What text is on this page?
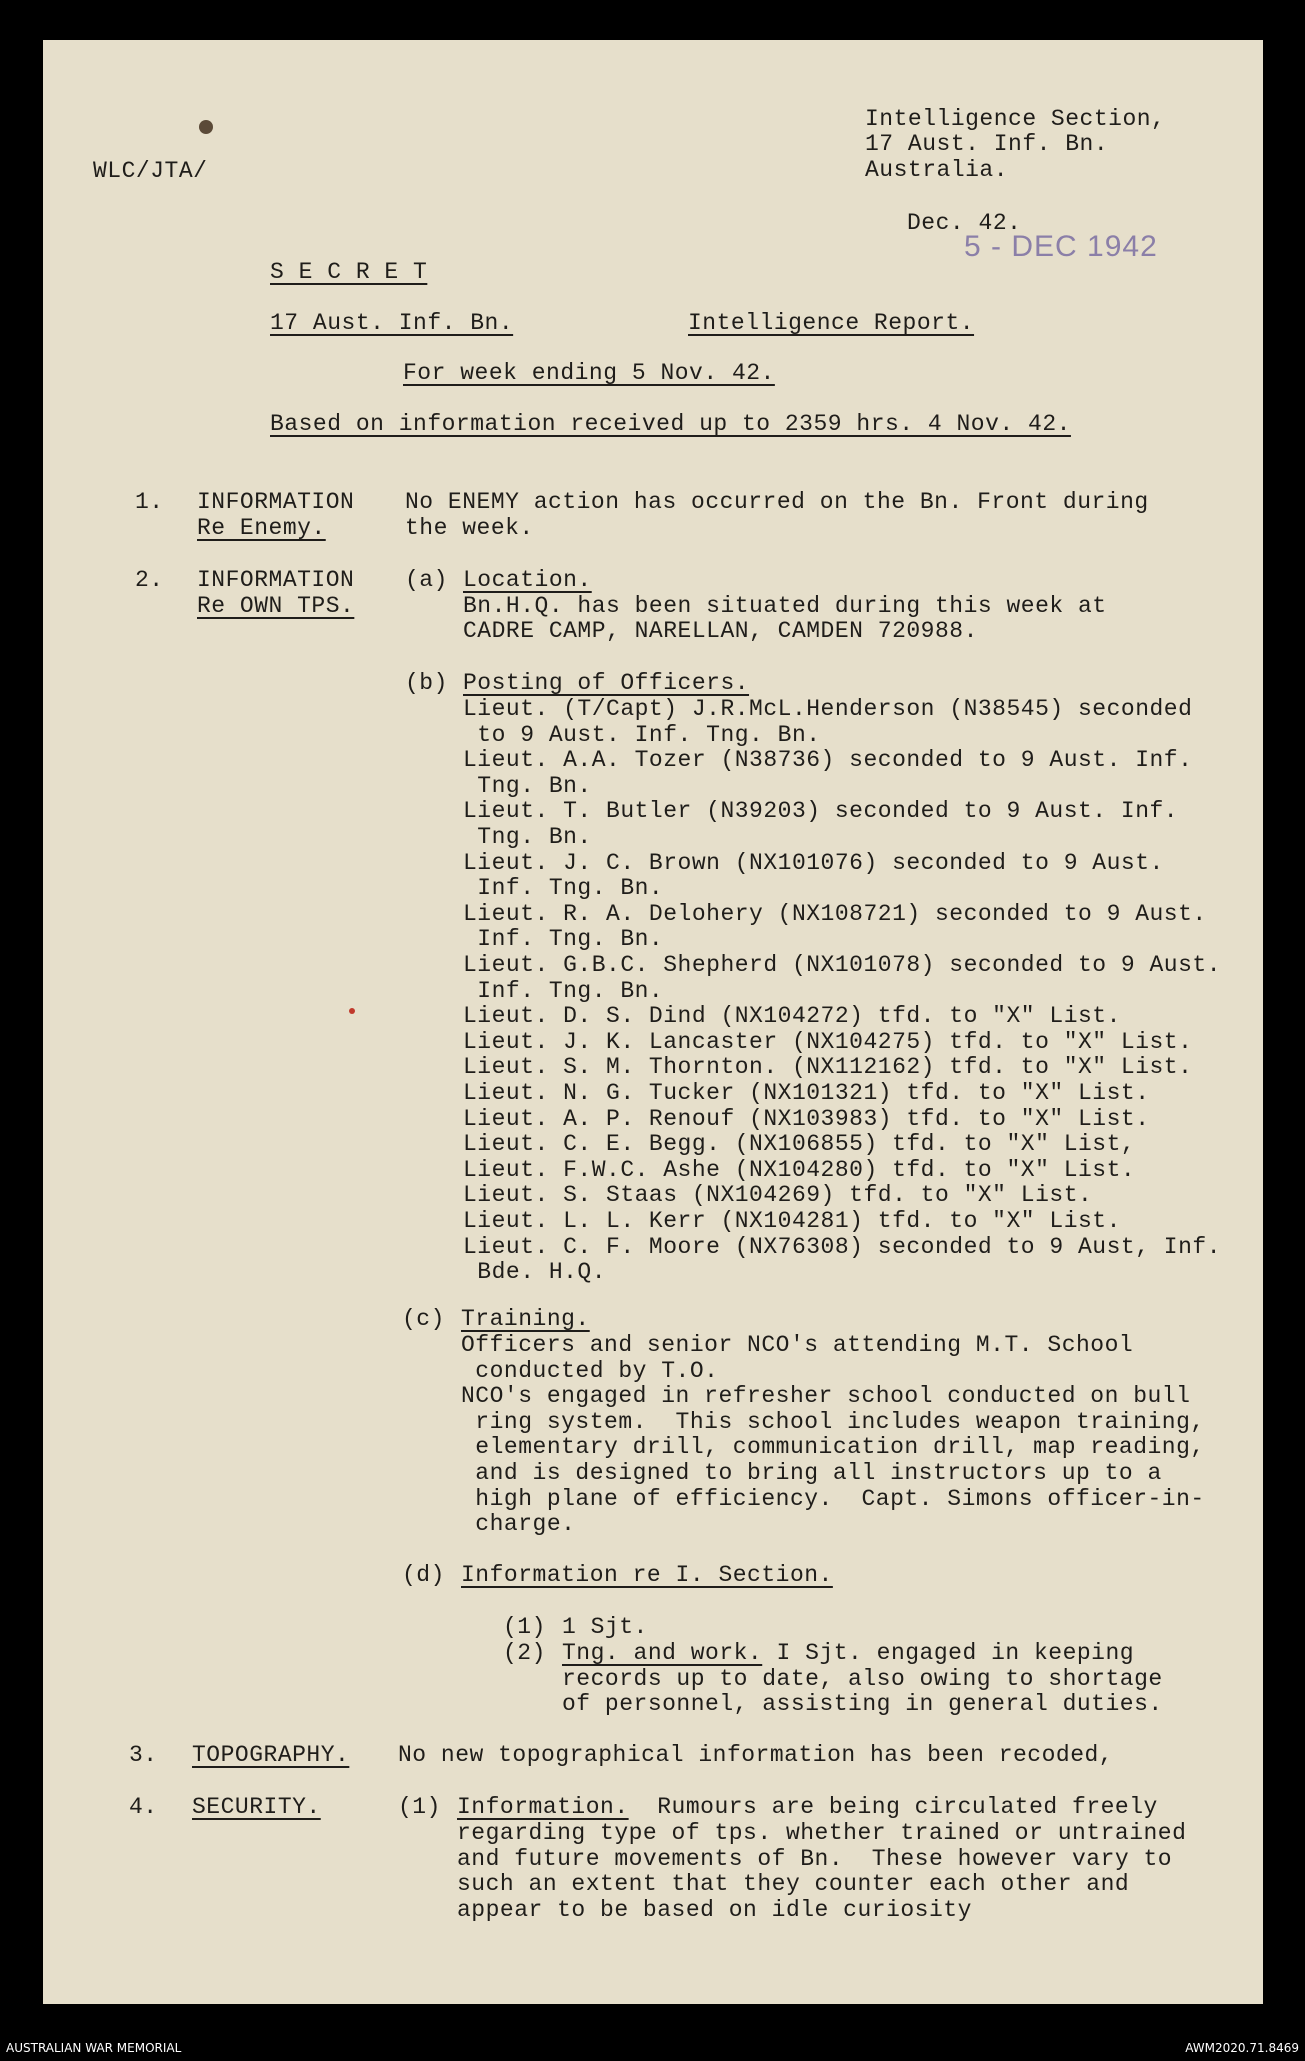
WLC/JTA/
Intelligence Section,
17 Aust. Inf. Bn.
Australia.
Dec. 42.
5 - DEC 1942
S E C R E T
17 Aust. Inf. Bn.	Intelligence Report.
For week ending 5 Nov. 42.
Based on information received up to 2359 hrs. 4 Nov. 42.
1. INFORMATION
Re Enemy.
No ENEMY action has occurred on the Bn. Front during
the week.
2. INFORMATION
Re OWN TPS.
(a) Location.
Bn.H.Q. has been situated during this week at
CADRE CAMP, NARELLAN, CAMDEN 720988.
(b) Posting of Officers.
Lieut. (T/Capt) J.R.McL.Henderson (N38545) seconded
to 9 Aust. Inf. Tng. Bn.
Lieut. A.A. Tozer (N38736) seconded to 9 Aust. Inf.
Tng. Bn.
Lieut. T. Butler (N39203) seconded to 9 Aust. Inf.
Tng. Bn.
Lieut. J. C. Brown (NX101076) seconded to 9 Aust.
Inf. Tng. Bn.
Lieut. R. A. Delohery (NX108721) seconded to 9 Aust.
Inf. Tng. Bn.
Lieut. G.B.C. Shepherd (NX101078) seconded to 9 Aust.
Inf. Tng. Bn.
Lieut. D. S. Dind (NX104272) tfd. to "X" List.
Lieut. J. K. Lancaster (NX104275) tfd. to "X" List.
Lieut. S. M. Thornton. (NX112162) tfd. to "X" List.
Lieut. N. G. Tucker (NX101321) tfd. to "X" List.
Lieut. A. P. Renouf (NX103983) tfd. to "X" List.
Lieut. C. E. Begg. (NX106855) tfd. to "X" List,
Lieut. F.W.C. Ashe (NX104280) tfd. to "X" List.
Lieut. S. Staas (NX104269) tfd. to "X" List.
Lieut. L. L. Kerr (NX104281) tfd. to "X" List.
Lieut. C. F. Moore (NX76308) seconded to 9 Aust, Inf.
Bde. H.Q.
(c) Training.
Officers and senior NCO's attending M.T. School
conducted by T.O.
NCO's engaged in refresher school conducted on bull
ring system.  This school includes weapon training,
elementary drill, communication drill, map reading,
and is designed to bring all instructors up to a
high plane of efficiency.  Capt. Simons officer-in-
charge.
(d) Information re I. Section.
(1) 1 Sjt.
(2) Tng. and work. I Sjt. engaged in keeping
records up to date, also owing to shortage
of personnel, assisting in general duties.
3. TOPOGRAPHY. No new topographical information has been recoded,
4. SECURITY.	(1) Information.  Rumours are being circulated freely
regarding type of tps. whether trained or untrained
and future movements of Bn.  These however vary to
such an extent that they counter each other and
appear to be based on idle curiosity
AUSTRALIAN WAR MEMORIAL	AWM2020.71.8469
